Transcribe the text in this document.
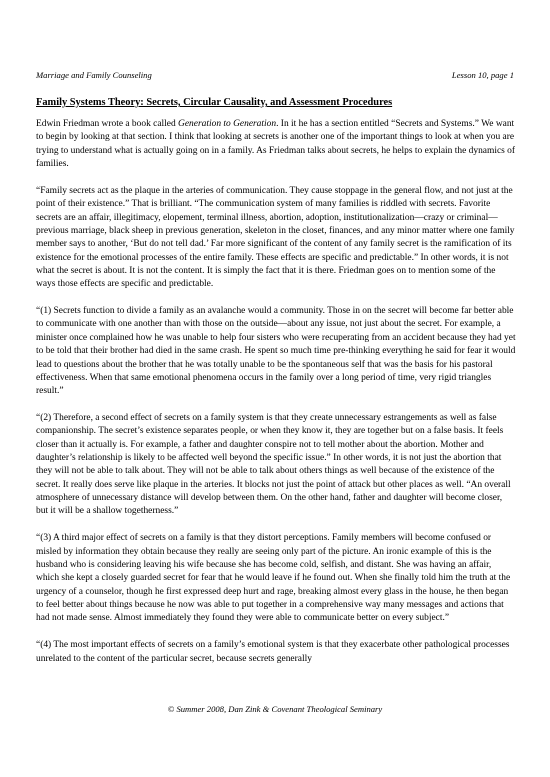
Marriage and Family Counseling	Lesson 10, page 1

Family Systems Theory: Secrets, Circular Causality, and Assessment Procedures

Edwin Friedman wrote a book called Generation to Generation. In it he has a section entitled “Secrets and Systems.” We want to begin by looking at that section. I think that looking at secrets is another one of the important things to look at when you are trying to understand what is actually going on in a family. As Friedman talks about secrets, he helps to explain the dynamics of families.

“Family secrets act as the plaque in the arteries of communication. They cause stoppage in the general flow, and not just at the point of their existence.” That is brilliant. “The communication system of many families is riddled with secrets. Favorite secrets are an affair, illegitimacy, elopement, terminal illness, abortion, adoption, institutionalization—crazy or criminal—previous marriage, black sheep in previous generation, skeleton in the closet, finances, and any minor matter where one family member says to another, ‘But do not tell dad.’ Far more significant of the content of any family secret is the ramification of its existence for the emotional processes of the entire family. These effects are specific and predictable.” In other words, it is not what the secret is about. It is not the content. It is simply the fact that it is there. Friedman goes on to mention some of the ways those effects are specific and predictable.

“(1) Secrets function to divide a family as an avalanche would a community. Those in on the secret will become far better able to communicate with one another than with those on the outside—about any issue, not just about the secret. For example, a minister once complained how he was unable to help four sisters who were recuperating from an accident because they had yet to be told that their brother had died in the same crash. He spent so much time pre-thinking everything he said for fear it would lead to questions about the brother that he was totally unable to be the spontaneous self that was the basis for his pastoral effectiveness. When that same emotional phenomena occurs in the family over a long period of time, very rigid triangles result.”

“(2) Therefore, a second effect of secrets on a family system is that they create unnecessary estrangements as well as false companionship. The secret’s existence separates people, or when they know it, they are together but on a false basis. It feels closer than it actually is. For example, a father and daughter conspire not to tell mother about the abortion. Mother and daughter’s relationship is likely to be affected well beyond the specific issue.” In other words, it is not just the abortion that they will not be able to talk about. They will not be able to talk about others things as well because of the existence of the secret. It really does serve like plaque in the arteries. It blocks not just the point of attack but other places as well. “An overall atmosphere of unnecessary distance will develop between them. On the other hand, father and daughter will become closer, but it will be a shallow togetherness.”

“(3) A third major effect of secrets on a family is that they distort perceptions. Family members will become confused or misled by information they obtain because they really are seeing only part of the picture. An ironic example of this is the husband who is considering leaving his wife because she has become cold, selfish, and distant. She was having an affair, which she kept a closely guarded secret for fear that he would leave if he found out. When she finally told him the truth at the urgency of a counselor, though he first expressed deep hurt and rage, breaking almost every glass in the house, he then began to feel better about things because he now was able to put together in a comprehensive way many messages and actions that had not made sense. Almost immediately they found they were able to communicate better on every subject.”

“(4) The most important effects of secrets on a family’s emotional system is that they exacerbate other pathological processes unrelated to the content of the particular secret, because secrets generally

© Summer 2008, Dan Zink & Covenant Theological Seminary
